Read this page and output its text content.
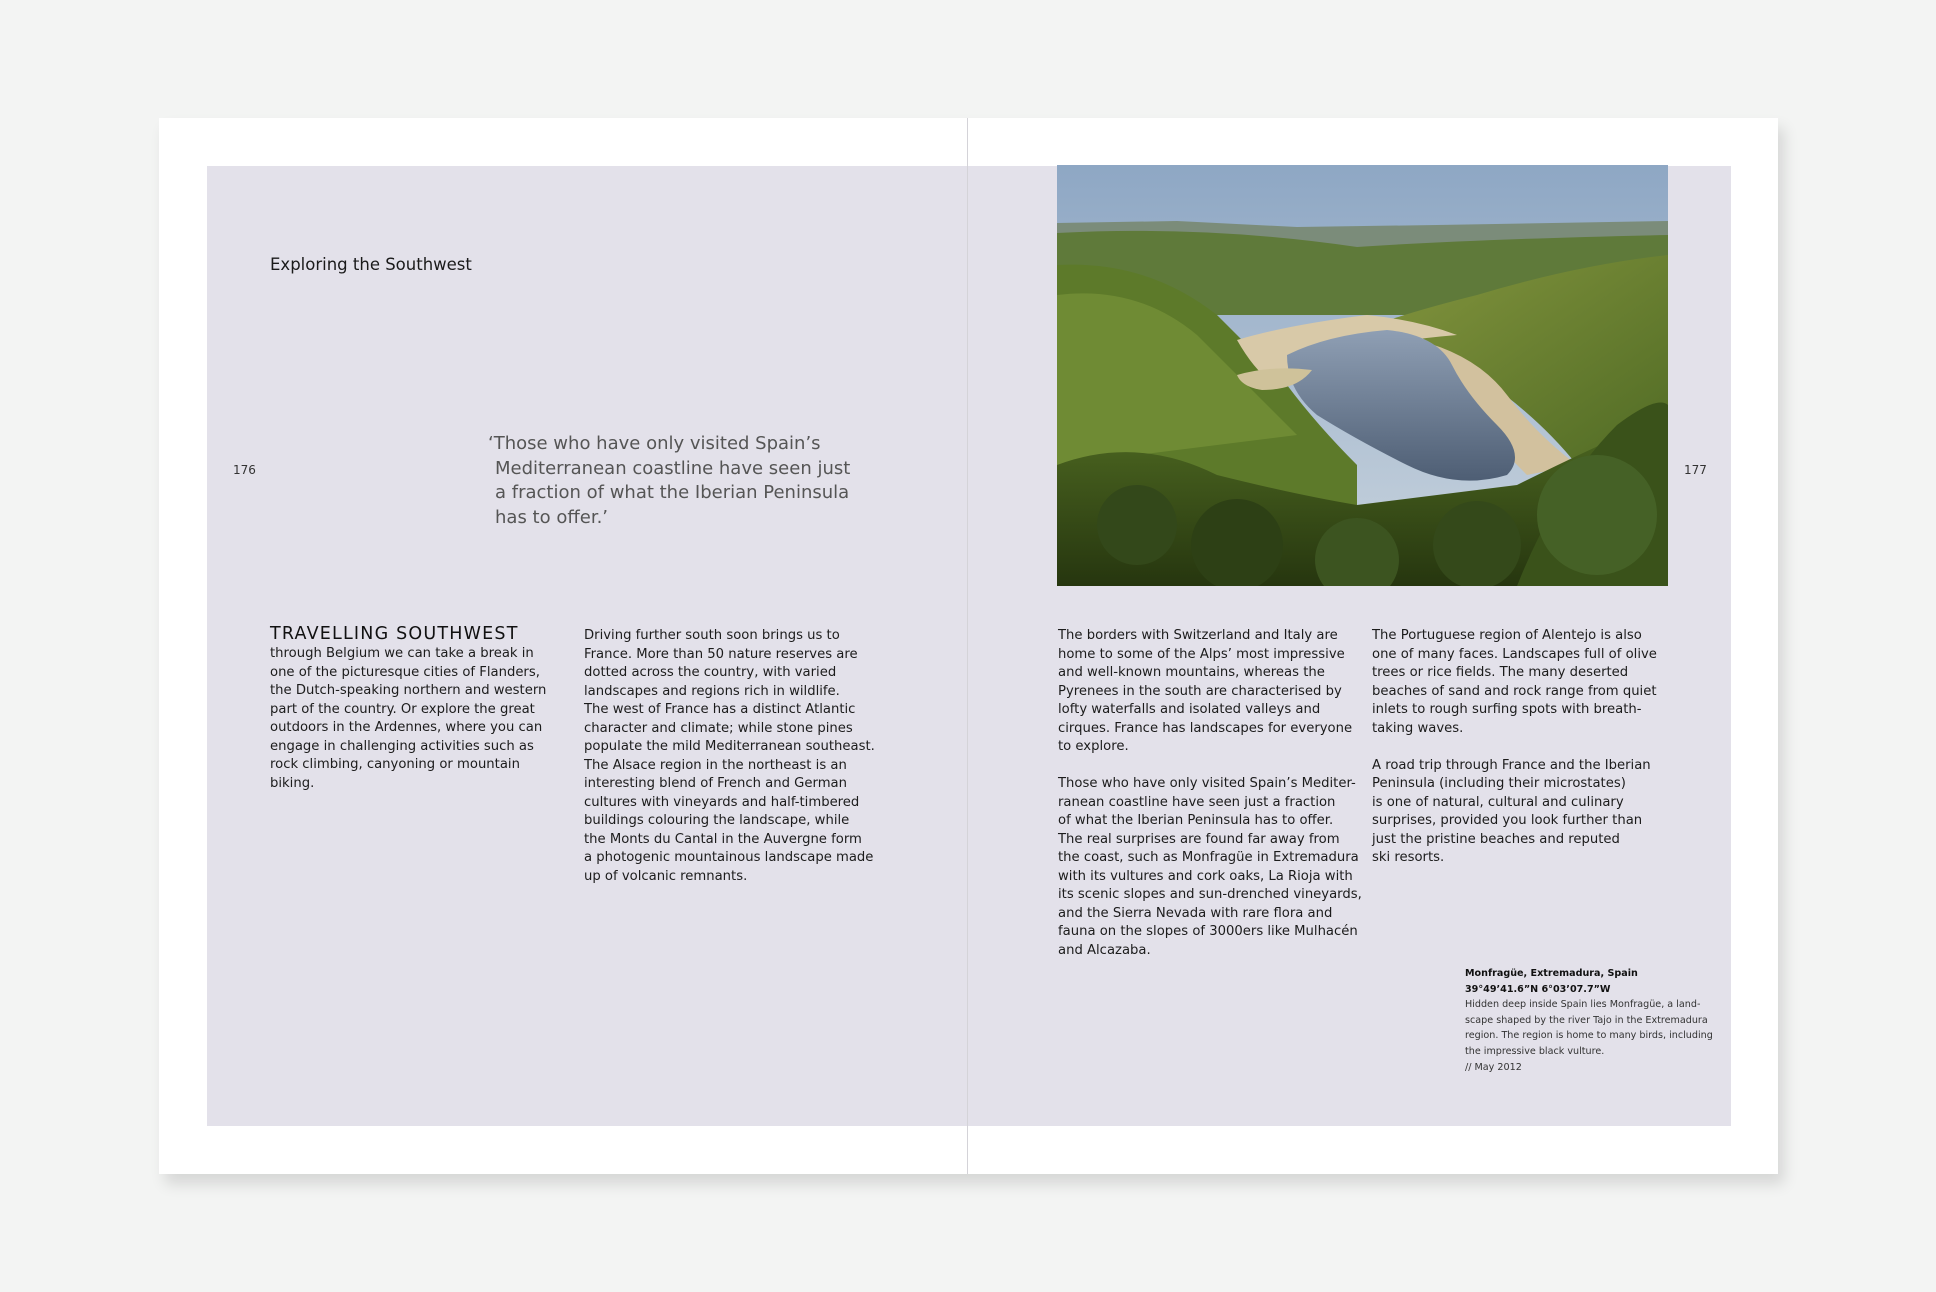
Exploring the Southwest
176

‘Those who have only visited Spain’s
Mediterranean coastline have seen just
a fraction of what the Iberian Peninsula
has to offer.’

TRAVELLING SOUTHWEST

through Belgium we can take a break in
one of the picturesque cities of Flanders,
the Dutch-speaking northern and western
part of the country. Or explore the great
outdoors in the Ardennes, where you can
engage in challenging activities such as
rock climbing, canyoning or mountain
biking.

Driving further south soon brings us to
France. More than 50 nature reserves are
dotted across the country, with varied
landscapes and regions rich in wildlife.
The west of France has a distinct Atlantic
character and climate; while stone pines
populate the mild Mediterranean southeast.
The Alsace region in the northeast is an
interesting blend of French and German
cultures with vineyards and half-timbered
buildings colouring the landscape, while
the Monts du Cantal in the Auvergne form
a photogenic mountainous landscape made
up of volcanic remnants.

177

The borders with Switzerland and Italy are
home to some of the Alps’ most impressive
and well-known mountains, whereas the
Pyrenees in the south are characterised by
lofty waterfalls and isolated valleys and
cirques. France has landscapes for everyone
to explore.
Those who have only visited Spain’s Mediter-
ranean coastline have seen just a fraction
of what the Iberian Peninsula has to offer.
The real surprises are found far away from
the coast, such as Monfragüe in Extremadura
with its vultures and cork oaks, La Rioja with
its scenic slopes and sun-drenched vineyards,
and the Sierra Nevada with rare flora and
fauna on the slopes of 3000ers like Mulhacén
and Alcazaba.

The Portuguese region of Alentejo is also
one of many faces. Landscapes full of olive
trees or rice fields. The many deserted
beaches of sand and rock range from quiet
inlets to rough surfing spots with breath-
taking waves.
A road trip through France and the Iberian
Peninsula (including their microstates)
is one of natural, cultural and culinary
surprises, provided you look further than
just the pristine beaches and reputed
ski resorts.

Monfragüe, Extremadura, Spain
39°49’41.6”N 6°03’07.7”W
Hidden deep inside Spain lies Monfragüe, a land-
scape shaped by the river Tajo in the Extremadura
region. The region is home to many birds, including
the impressive black vulture.
// May 2012
